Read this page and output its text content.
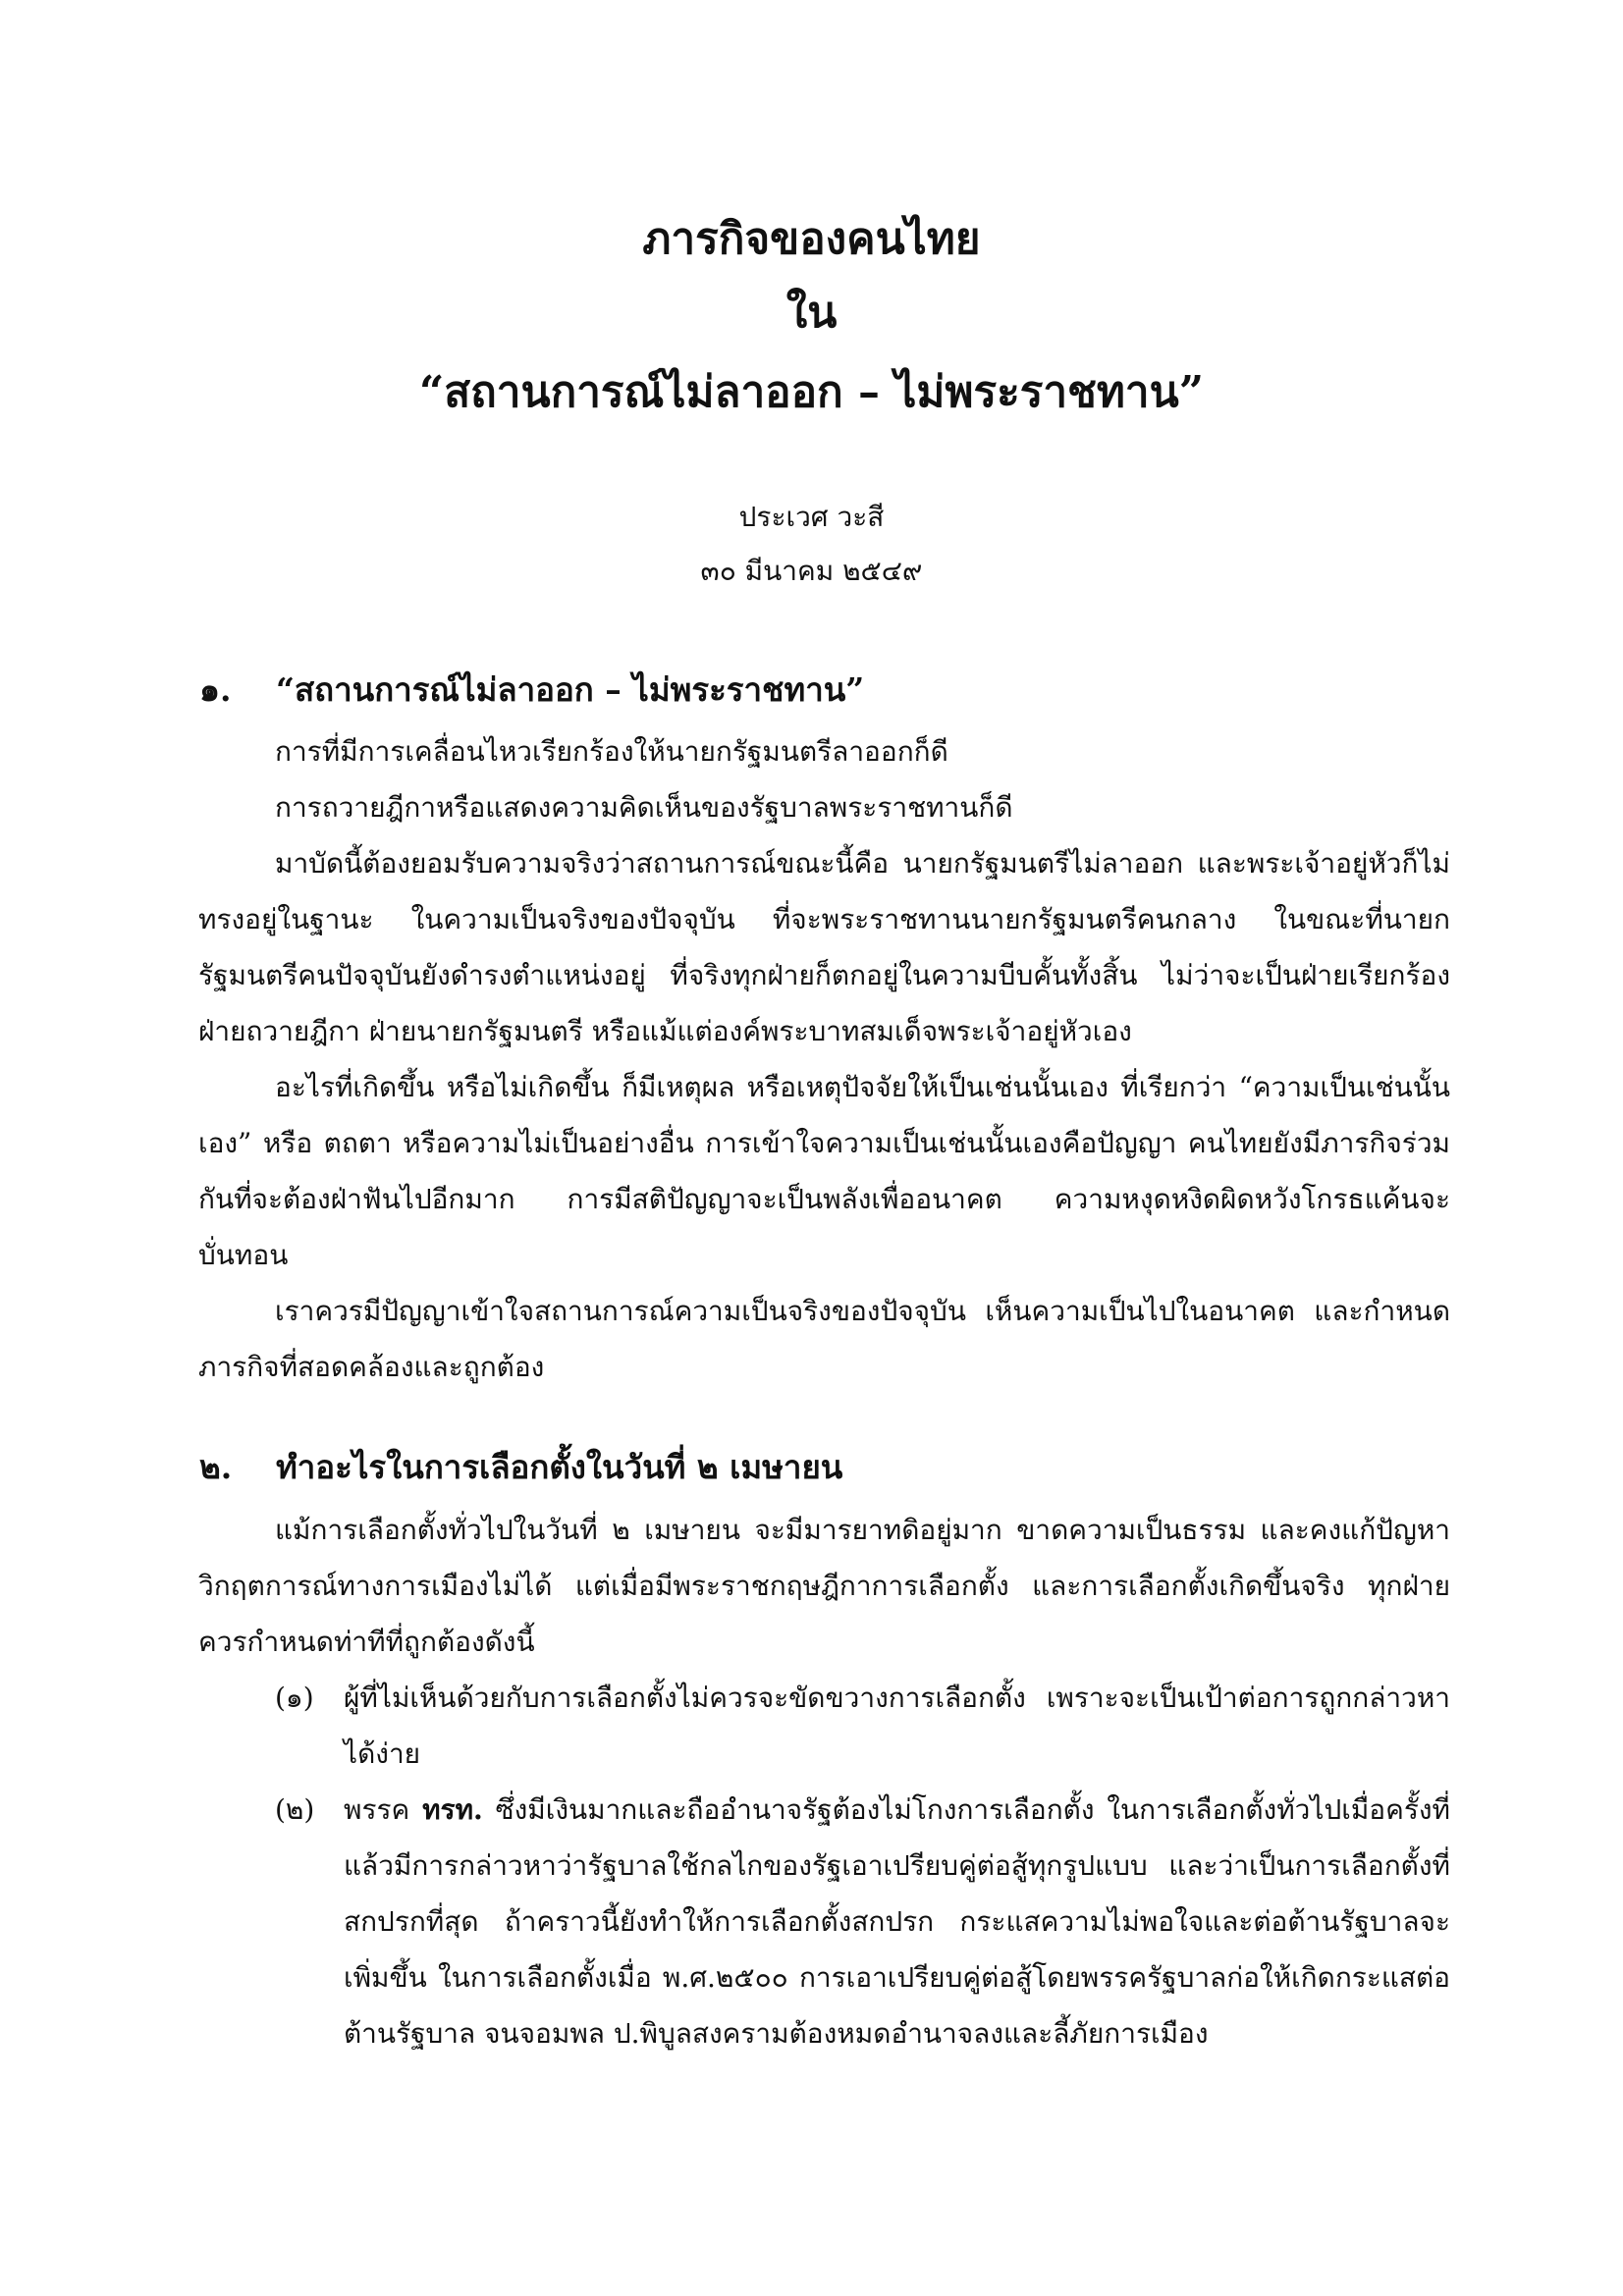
ภารกิจของคนไทย
ใน
“สถานการณ์ไม่ลาออก – ไม่พระราชทาน”
ประเวศ วะสี
๓๐ มีนาคม ๒๕๔๙
๑. “สถานการณ์ไม่ลาออก – ไม่พระราชทาน”
การที่มีการเคลื่อนไหวเรียกร้องให้นายกรัฐมนตรีลาออกก็ดี
การถวายฎีกาหรือแสดงความคิดเห็นของรัฐบาลพระราชทานก็ดี
มาบัดนี้ต้องยอมรับความจริงว่าสถานการณ์ขณะนี้คือ นายกรัฐมนตรีไม่ลาออก และพระเจ้าอยู่หัวก็ไม่ทรงอยู่ในฐานะ ในความเป็นจริงของปัจจุบัน ที่จะพระราชทานนายกรัฐมนตรีคนกลาง ในขณะที่นายกรัฐมนตรีคนปัจจุบันยังดำรงตำแหน่งอยู่ ที่จริงทุกฝ่ายก็ตกอยู่ในความบีบคั้นทั้งสิ้น ไม่ว่าจะเป็นฝ่ายเรียกร้อง ฝ่ายถวายฎีกา ฝ่ายนายกรัฐมนตรี หรือแม้แต่องค์พระบาทสมเด็จพระเจ้าอยู่หัวเอง
อะไรที่เกิดขึ้น หรือไม่เกิดขึ้น ก็มีเหตุผล หรือเหตุปัจจัยให้เป็นเช่นนั้นเอง ที่เรียกว่า “ความเป็นเช่นนั้นเอง” หรือ ตถตา หรือความไม่เป็นอย่างอื่น การเข้าใจความเป็นเช่นนั้นเองคือปัญญา คนไทยยังมีภารกิจร่วมกันที่จะต้องฝ่าฟันไปอีกมาก การมีสติปัญญาจะเป็นพลังเพื่ออนาคต ความหงุดหงิดผิดหวังโกรธแค้นจะบั่นทอน
เราควรมีปัญญาเข้าใจสถานการณ์ความเป็นจริงของปัจจุบัน เห็นความเป็นไปในอนาคต และกำหนดภารกิจที่สอดคล้องและถูกต้อง
๒. ทำอะไรในการเลือกตั้งในวันที่ ๒ เมษายน
แม้การเลือกตั้งทั่วไปในวันที่ ๒ เมษายน จะมีมารยาทดิอยู่มาก ขาดความเป็นธรรม และคงแก้ปัญหาวิกฤตการณ์ทางการเมืองไม่ได้ แต่เมื่อมีพระราชกฤษฎีกาการเลือกตั้ง และการเลือกตั้งเกิดขึ้นจริง ทุกฝ่ายควรกำหนดท่าทีที่ถูกต้องดังนี้
(๑)	ผู้ที่ไม่เห็นด้วยกับการเลือกตั้งไม่ควรจะขัดขวางการเลือกตั้ง เพราะจะเป็นเป้าต่อการถูกกล่าวหาได้ง่าย
(๒)	พรรค ทรท. ซึ่งมีเงินมากและถืออำนาจรัฐต้องไม่โกงการเลือกตั้ง ในการเลือกตั้งทั่วไปเมื่อครั้งที่แล้วมีการกล่าวหาว่ารัฐบาลใช้กลไกของรัฐเอาเปรียบคู่ต่อสู้ทุกรูปแบบ และว่าเป็นการเลือกตั้งที่สกปรกที่สุด ถ้าคราวนี้ยังทำให้การเลือกตั้งสกปรก กระแสความไม่พอใจและต่อต้านรัฐบาลจะเพิ่มขึ้น ในการเลือกตั้งเมื่อ พ.ศ.๒๕๐๐ การเอาเปรียบคู่ต่อสู้โดยพรรครัฐบาลก่อให้เกิดกระแสต่อต้านรัฐบาล จนจอมพล ป.พิบูลสงครามต้องหมดอำนาจลงและลี้ภัยการเมือง
